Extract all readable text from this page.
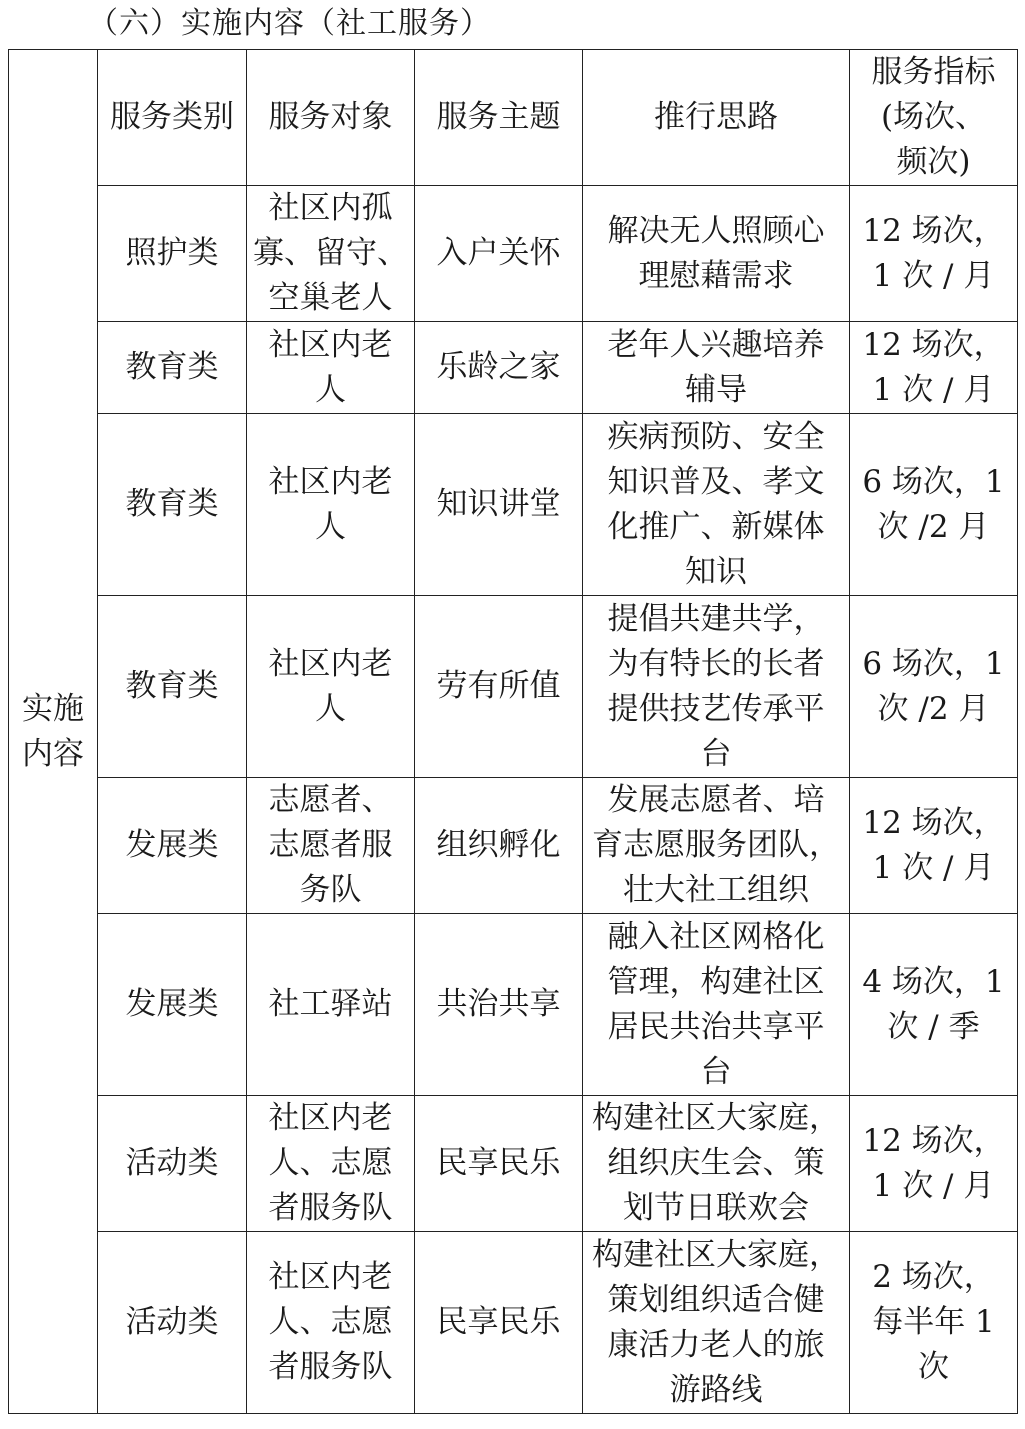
（六）实施内容（社工服务）
实施
内容	服务类别	服务对象	服务主题	推行思路	服务指标
(场次、
频次)

	照护类	社区内孤
寡、留守、
空巢老人	入户关怀	解决无人照顾心
理慰藉需求	12 场次，
1 次 / 月

	教育类	社区内老
人	乐龄之家	老年人兴趣培养
辅导	12 场次，
1 次 / 月

	教育类	社区内老
人	知识讲堂	疾病预防、安全
知识普及、孝文
化推广、新媒体
知识	6 场次，1
次 /2 月

	教育类	社区内老
人	劳有所值	提倡共建共学，
为有特长的长者
提供技艺传承平
台	6 场次，1
次 /2 月

	发展类	志愿者、
志愿者服
务队	组织孵化	发展志愿者、培
育志愿服务团队，
壮大社工组织	12 场次，
1 次 / 月

	发展类	社工驿站	共治共享	融入社区网格化
管理，构建社区
居民共治共享平
台	4 场次，1
次 / 季

	活动类	社区内老
人、志愿
者服务队	民享民乐	构建社区大家庭，
组织庆生会、策
划节日联欢会	12 场次，
1 次 / 月

	活动类	社区内老
人、志愿
者服务队	民享民乐	构建社区大家庭，
策划组织适合健
康活力老人的旅
游路线	2 场次，
每半年 1
次
